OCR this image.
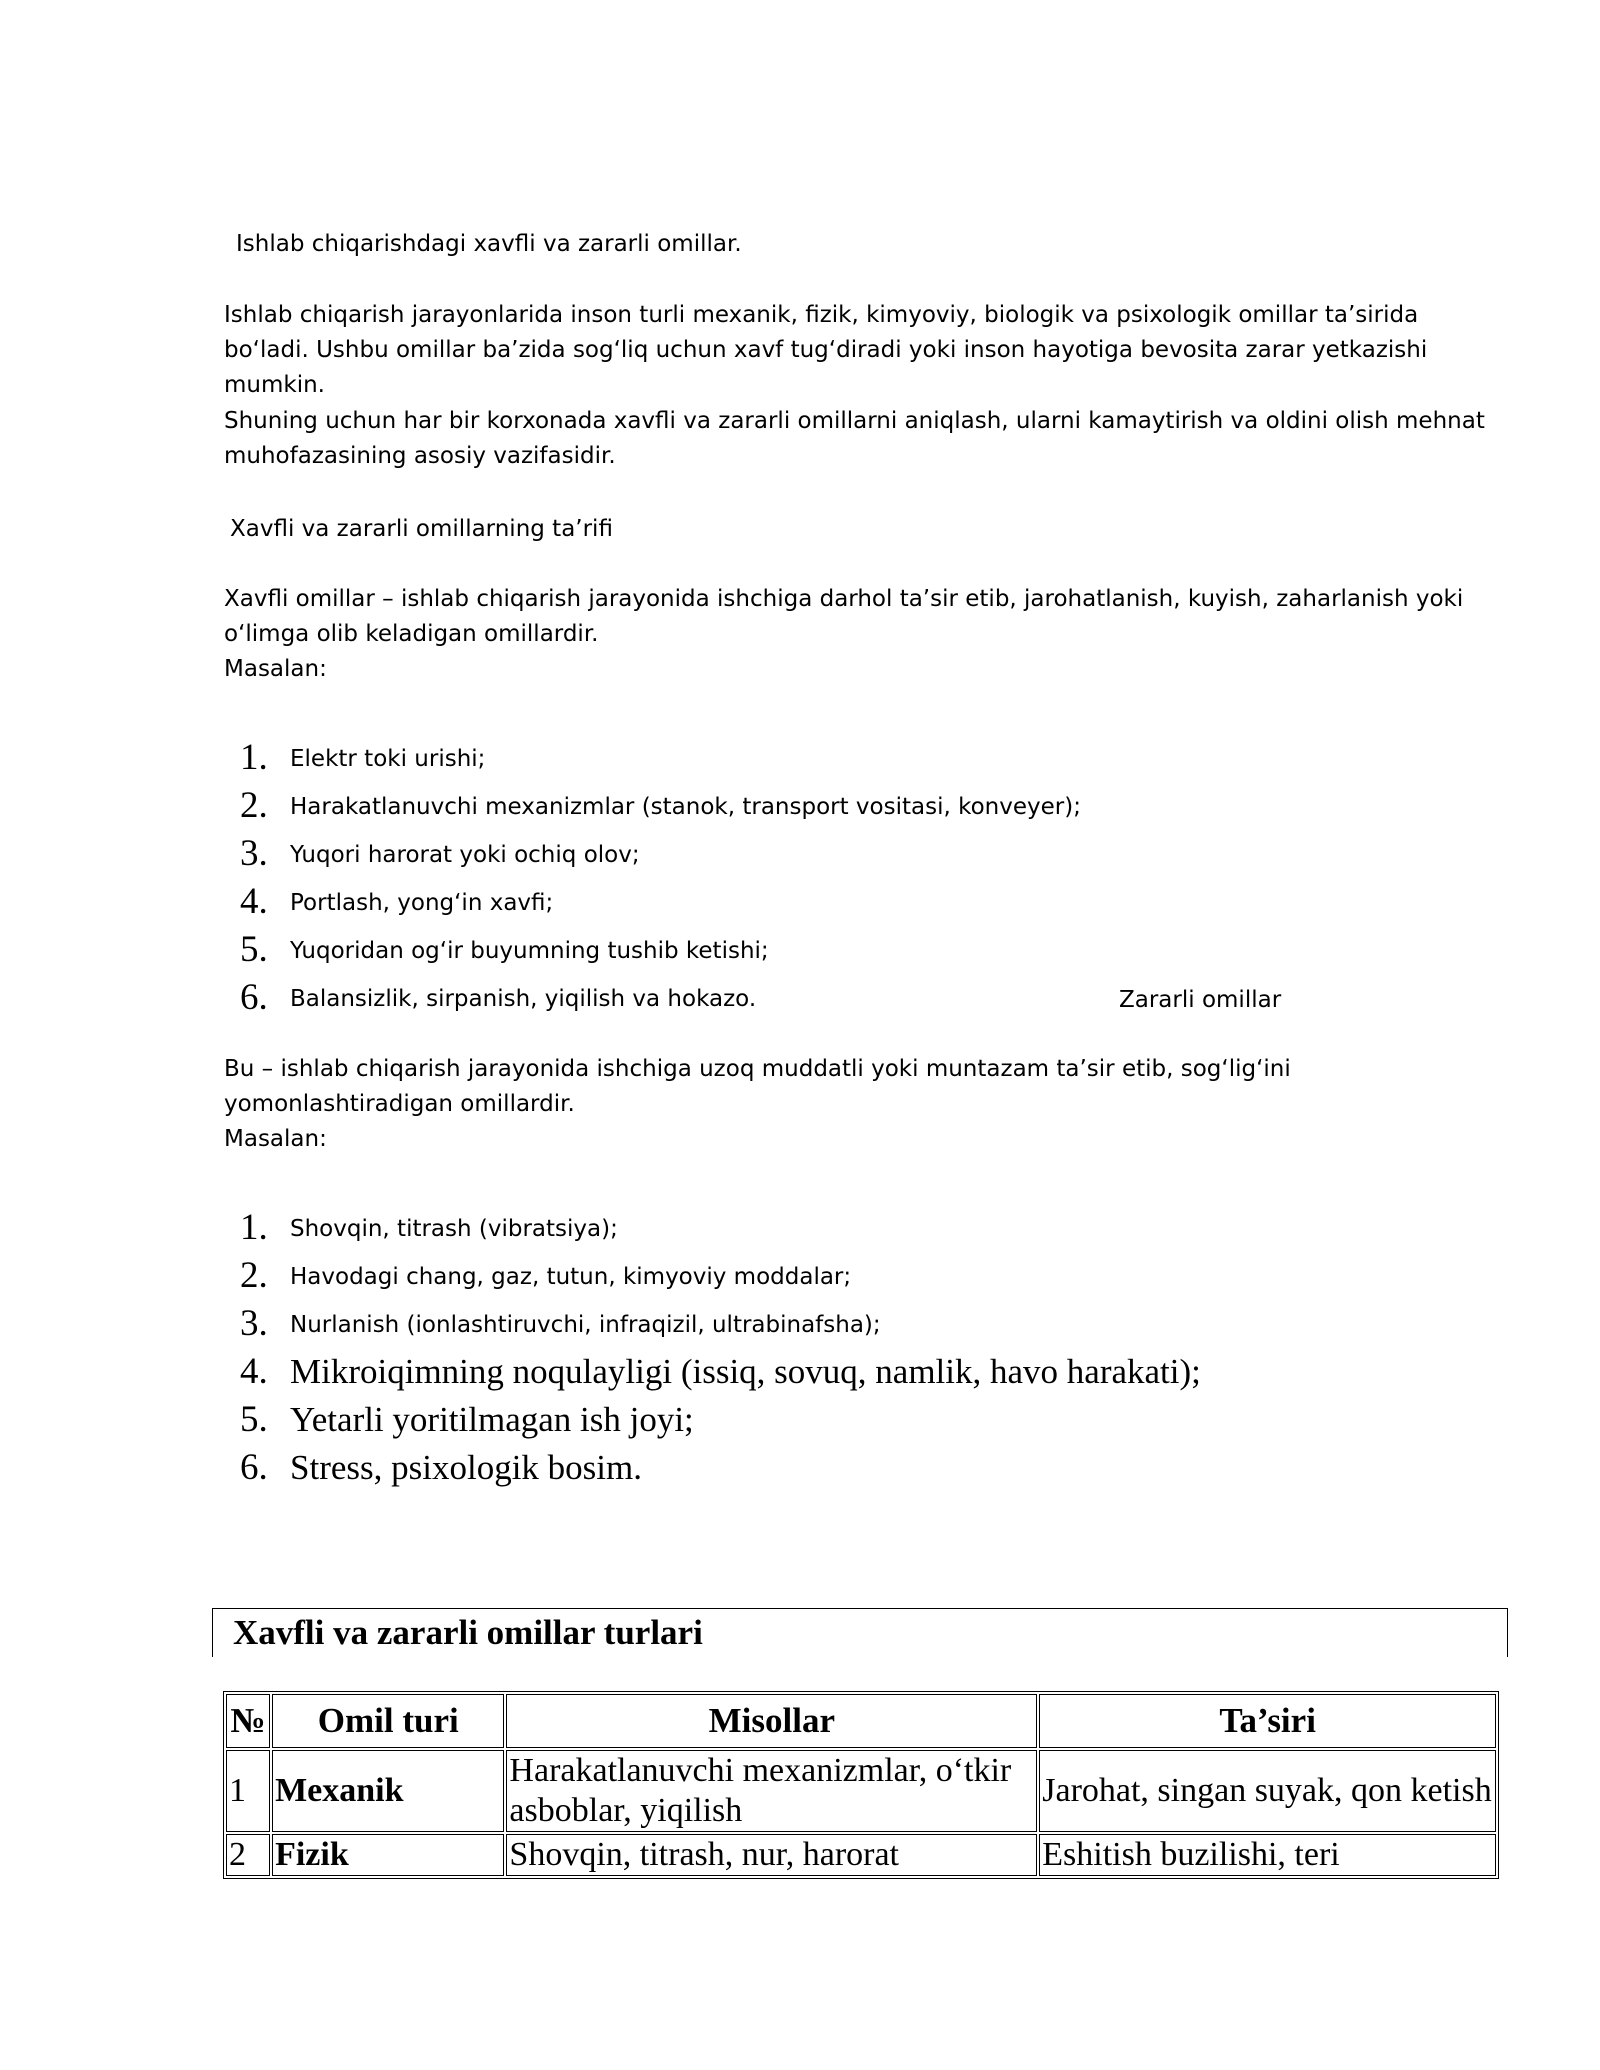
Ishlab chiqarishdagi xavfli va zararli omillar.
Ishlab chiqarish jarayonlarida inson turli mexanik, fizik, kimyoviy, biologik va psixologik omillar ta’sirida bo‘ladi. Ushbu omillar ba’zida sog‘liq uchun xavf tug‘diradi yoki inson hayotiga bevosita zarar yetkazishi mumkin.
Shuning uchun har bir korxonada xavfli va zararli omillarni aniqlash, ularni kamaytirish va oldini olish mehnat muhofazasining asosiy vazifasidir.
Xavfli va zararli omillarning ta’rifi
Xavfli omillar – ishlab chiqarish jarayonida ishchiga darhol ta’sir etib, jarohatlanish, kuyish, zaharlanish yoki o‘limga olib keladigan omillardir.
Masalan:
1. Elektr toki urishi;
2. Harakatlanuvchi mexanizmlar (stanok, transport vositasi, konveyer);
3. Yuqori harorat yoki ochiq olov;
4. Portlash, yong‘in xavfi;
5. Yuqoridan og‘ir buyumning tushib ketishi;
6. Balansizlik, sirpanish, yiqilish va hokazo.	Zararli omillar
Bu – ishlab chiqarish jarayonida ishchiga uzoq muddatli yoki muntazam ta’sir etib, sog‘lig‘ini yomonlashtiradigan omillardir.
Masalan:
1. Shovqin, titrash (vibratsiya);
2. Havodagi chang, gaz, tutun, kimyoviy moddalar;
3. Nurlanish (ionlashtiruvchi, infraqizil, ultrabinafsha);
4. Mikroiqimning noqulayligi (issiq, sovuq, namlik, havo harakati);
5. Yetarli yoritilmagan ish joyi;
6. Stress, psixologik bosim.
Xavfli va zararli omillar turlari
№	Omil turi	Misollar	Ta’siri
1	Mexanik	Harakatlanuvchi mexanizmlar, o‘tkir asboblar, yiqilish	Jarohat, singan suyak, qon ketish
2	Fizik	Shovqin, titrash, nur, harorat	Eshitish buzilishi, teri
